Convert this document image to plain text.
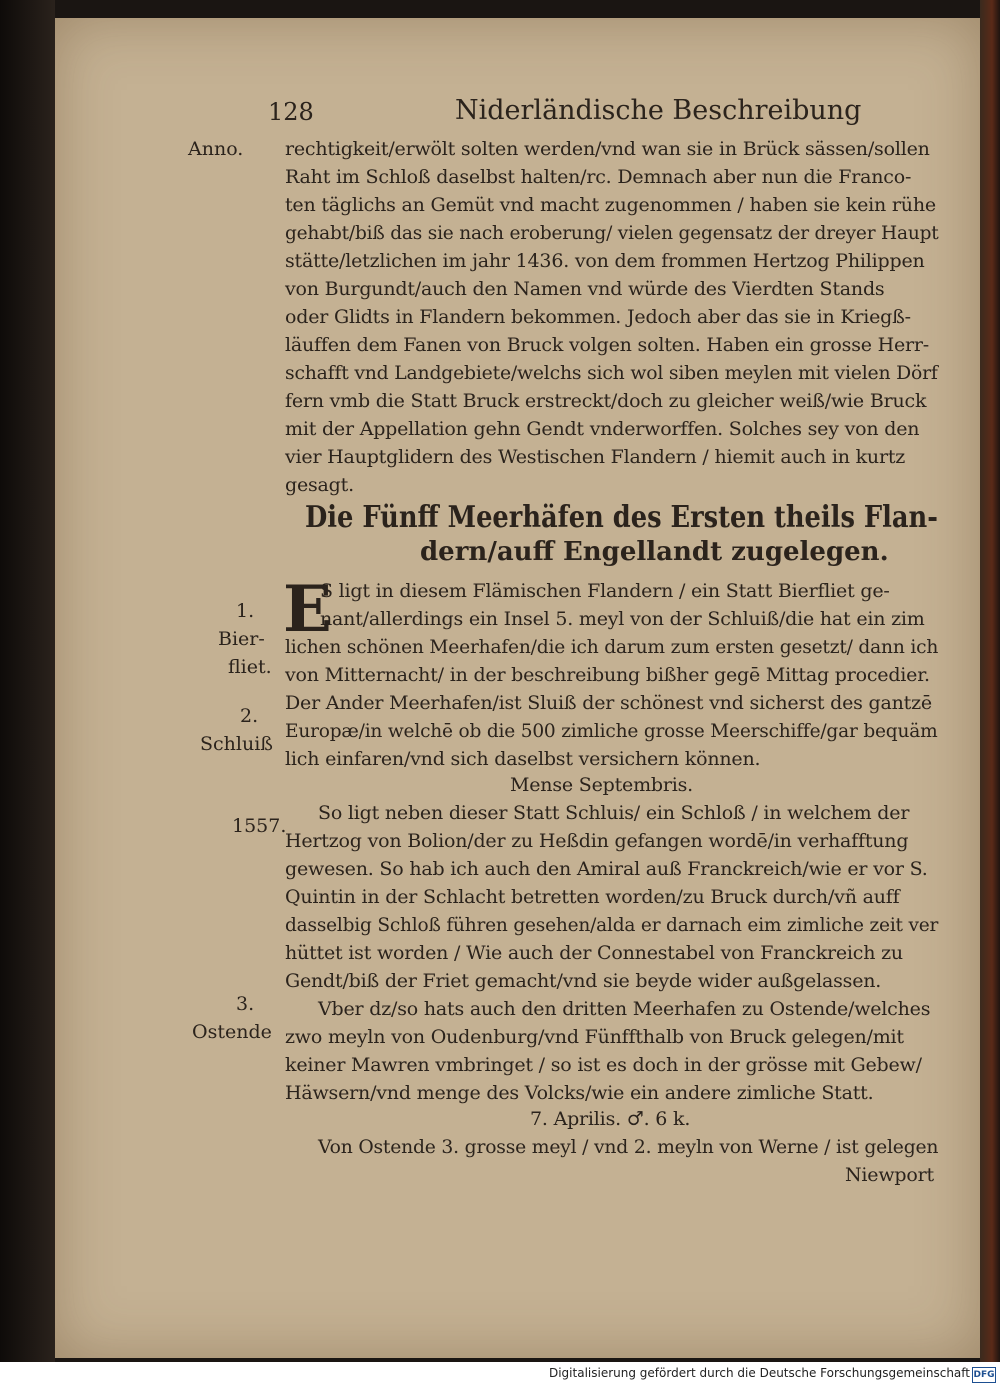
128	Niderländische Beschreibung
Anno.
1.
Bier-
fliet.
2.
Schluiß
1557.
3.
Ostende
rechtigkeit/erwölt solten werden/vnd wan sie in Brück sässen/sollen
Raht im Schloß daselbst halten/rc. Demnach aber nun die Franco-
ten täglichs an Gemüt vnd macht zugenommen / haben sie kein rühe
gehabt/biß das sie nach eroberung/ vielen gegensatz der dreyer Haupt
stätte/letzlichen im jahr 1436. von dem frommen Hertzog Philippen
von Burgundt/auch den Namen vnd würde des Vierdten Stands
oder Glidts in Flandern bekommen. Jedoch aber das sie in Kriegß-
läuffen dem Fanen von Bruck volgen solten. Haben ein grosse Herr-
schafft vnd Landgebiete/welchs sich wol siben meylen mit vielen Dörf
fern vmb die Statt Bruck erstreckt/doch zu gleicher weiß/wie Bruck
mit der Appellation gehn Gendt vnderworffen. Solches sey von den
vier Hauptglidern des Westischen Flandern / hiemit auch in kurtz
gesagt.
Die Fünff Meerhäfen des Ersten theils Flan-
dern/auff Engellandt zugelegen.
E
S ligt in diesem Flämischen Flandern / ein Statt Bierfliet ge-
nant/allerdings ein Insel 5. meyl von der Schluiß/die hat ein zim
lichen schönen Meerhafen/die ich darum zum ersten gesetzt/ dann ich
von Mitternacht/ in der beschreibung bißher gegē Mittag procedier.
Der Ander Meerhafen/ist Sluiß der schönest vnd sicherst des gantzē
Europæ/in welchē ob die 500 zimliche grosse Meerschiffe/gar bequäm
lich einfaren/vnd sich daselbst versichern können.
Mense Septembris.
So ligt neben dieser Statt Schluis/ ein Schloß / in welchem der
Hertzog von Bolion/der zu Heßdin gefangen wordē/in verhafftung
gewesen. So hab ich auch den Amiral auß Franckreich/wie er vor S.
Quintin in der Schlacht betretten worden/zu Bruck durch/vñ auff
dasselbig Schloß führen gesehen/alda er darnach eim zimliche zeit ver
hüttet ist worden / Wie auch der Connestabel von Franckreich zu
Gendt/biß der Friet gemacht/vnd sie beyde wider außgelassen.
Vber dz/so hats auch den dritten Meerhafen zu Ostende/welches
zwo meyln von Oudenburg/vnd Fünffthalb von Bruck gelegen/mit
keiner Mawren vmbringet / so ist es doch in der grösse mit Gebew/
Häwsern/vnd menge des Volcks/wie ein andere zimliche Statt.
7. Aprilis. ♂. 6 k.
Von Ostende 3. grosse meyl / vnd 2. meyln von Werne / ist gelegen
Niewport
Digitalisierung gefördert durch die Deutsche Forschungsgemeinschaft DFG
